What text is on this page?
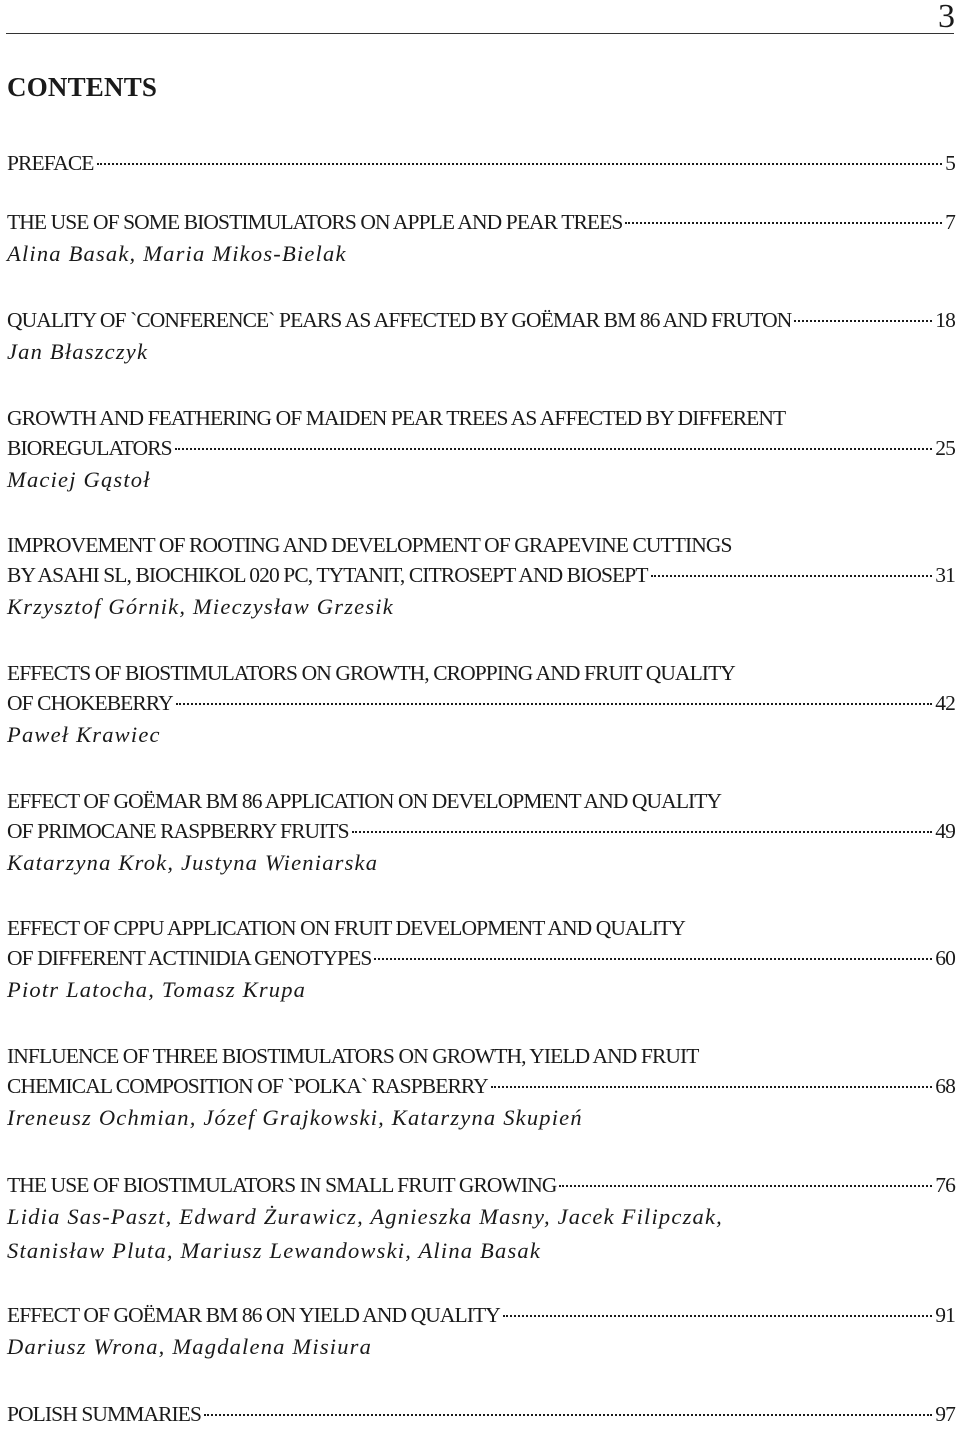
3
CONTENTS
PREFACE	5
THE USE OF SOME BIOSTIMULATORS ON APPLE AND PEAR TREES	7
Alina Basak, Maria Mikos-Bielak
QUALITY OF `CONFERENCE` PEARS AS AFFECTED BY GOËMAR BM 86 AND FRUTON	18
Jan Błaszczyk
GROWTH AND FEATHERING OF MAIDEN PEAR TREES AS AFFECTED BY DIFFERENT
BIOREGULATORS	25
Maciej Gąstoł
IMPROVEMENT OF ROOTING AND DEVELOPMENT OF GRAPEVINE CUTTINGS
BY ASAHI SL, BIOCHIKOL 020 PC, TYTANIT, CITROSEPT AND BIOSEPT	31
Krzysztof Górnik, Mieczysław Grzesik
EFFECTS OF BIOSTIMULATORS ON GROWTH, CROPPING AND FRUIT QUALITY
OF CHOKEBERRY	42
Paweł Krawiec
EFFECT OF GOËMAR BM 86 APPLICATION ON DEVELOPMENT AND QUALITY
OF PRIMOCANE RASPBERRY FRUITS	49
Katarzyna Krok, Justyna Wieniarska
EFFECT OF CPPU APPLICATION ON FRUIT DEVELOPMENT AND QUALITY
OF DIFFERENT ACTINIDIA GENOTYPES	60
Piotr Latocha, Tomasz Krupa
INFLUENCE OF THREE BIOSTIMULATORS ON GROWTH, YIELD AND FRUIT
CHEMICAL COMPOSITION OF `POLKA` RASPBERRY	68
Ireneusz Ochmian, Józef Grajkowski, Katarzyna Skupień
THE USE OF BIOSTIMULATORS IN SMALL FRUIT GROWING	76
Lidia Sas-Paszt, Edward Żurawicz, Agnieszka Masny, Jacek Filipczak,
Stanisław Pluta, Mariusz Lewandowski, Alina Basak
EFFECT OF GOËMAR BM 86 ON YIELD AND QUALITY	91
Dariusz Wrona, Magdalena Misiura
POLISH SUMMARIES	97
